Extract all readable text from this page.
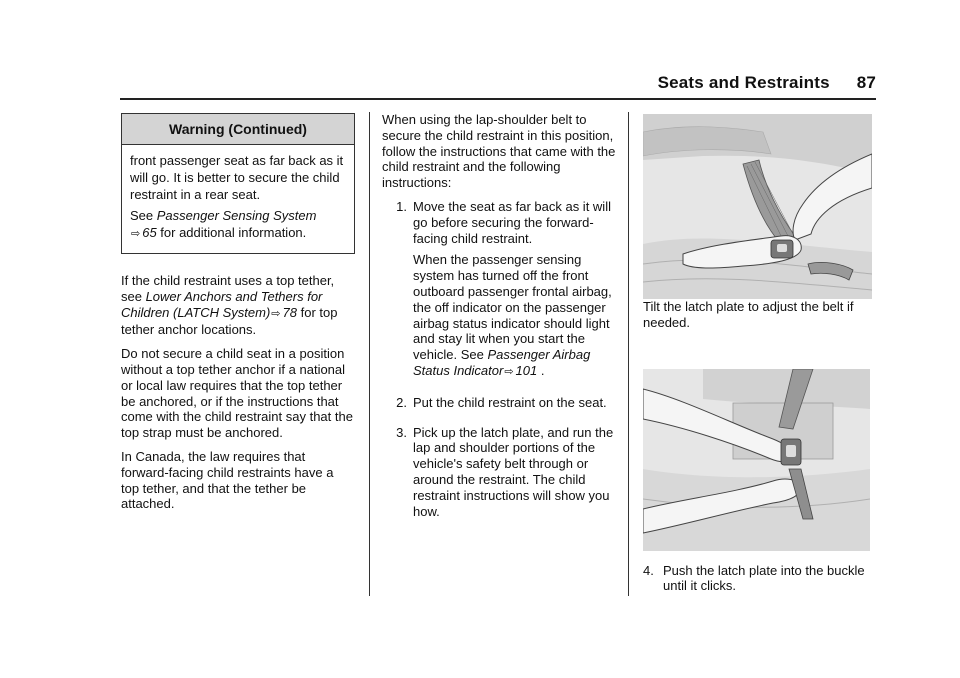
Seats and Restraints 87
Warning (Continued)

front passenger seat as far back as it will go. It is better to secure the child restraint in a rear seat.

See Passenger Sensing System
⇨ 65 for additional information.

If the child restraint uses a top tether, see Lower Anchors and Tethers for Children (LATCH System)⇨ 78 for top tether anchor locations.

Do not secure a child seat in a position without a top tether anchor if a national or local law requires that the top tether be anchored, or if the instructions that come with the child restraint say that the top strap must be anchored.

In Canada, the law requires that forward-facing child restraints have a top tether, and that the tether be attached.

When using the lap-shoulder belt to secure the child restraint in this position, follow the instructions that came with the child restraint and the following instructions:

1. Move the seat as far back as it will go before securing the forward-facing child restraint.

When the passenger sensing system has turned off the front outboard passenger frontal airbag, the off indicator on the passenger airbag status indicator should light and stay lit when you start the vehicle. See Passenger Airbag Status Indicator⇨ 101 .

2. Put the child restraint on the seat.

3. Pick up the latch plate, and run the lap and shoulder portions of the vehicle's safety belt through or around the restraint. The child restraint instructions will show you how.

Tilt the latch plate to adjust the belt if needed.

4. Push the latch plate into the buckle until it clicks.
